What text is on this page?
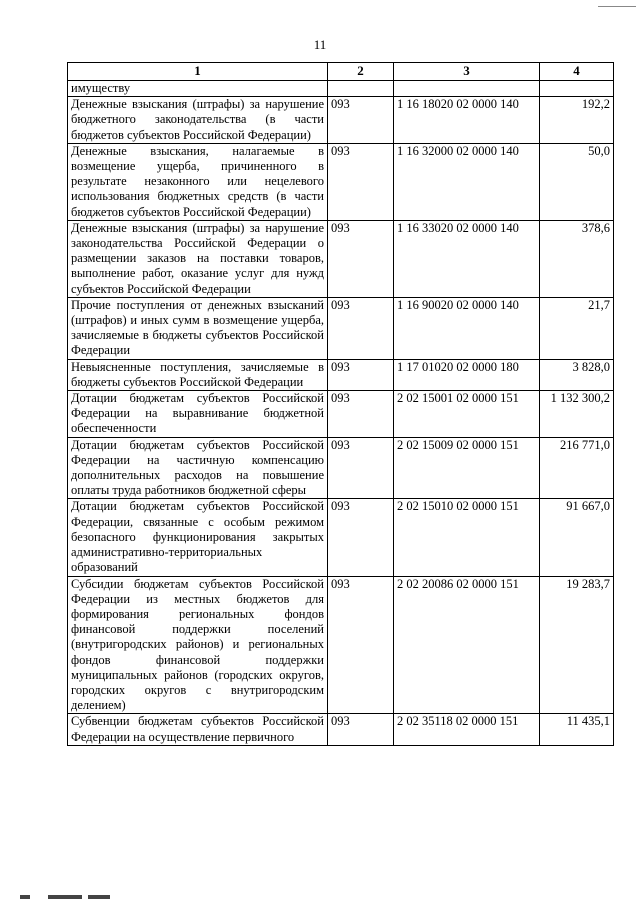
11
1	2	3	4
имуществу			
Денежные взыскания (штрафы) за нарушение бюджетного законодательства (в части бюджетов субъектов Российской Федерации)	093	1 16 18020 02 0000 140	192,2
Денежные взыскания, налагаемые в возмещение ущерба, причиненного в результате незаконного или нецелевого использования бюджетных средств (в части бюджетов субъектов Российской Федерации)	093	1 16 32000 02 0000 140	50,0
Денежные взыскания (штрафы) за нарушение законодательства Российской Федерации о размещении заказов на поставки товаров, выполнение работ, оказание услуг для нужд субъектов Российской Федерации	093	1 16 33020 02 0000 140	378,6
Прочие поступления от денежных взысканий (штрафов) и иных сумм в возмещение ущерба, зачисляемые в бюджеты субъектов Российской Федерации	093	1 16 90020 02 0000 140	21,7
Невыясненные поступления, зачисляемые в бюджеты субъектов Российской Федерации	093	1 17 01020 02 0000 180	3 828,0
Дотации бюджетам субъектов Российской Федерации на выравнивание бюджетной обеспеченности	093	2 02 15001 02 0000 151	1 132 300,2
Дотации бюджетам субъектов Российской Федерации на частичную компенсацию дополнительных расходов на повышение оплаты труда работников бюджетной сферы	093	2 02 15009 02 0000 151	216 771,0
Дотации бюджетам субъектов Российской Федерации, связанные с особым режимом безопасного функционирования закрытых административно-территориальных образований	093	2 02 15010 02 0000 151	91 667,0
Субсидии бюджетам субъектов Российской Федерации из местных бюджетов для формирования региональных фондов финансовой поддержки поселений (внутригородских районов) и региональных фондов финансовой поддержки муниципальных районов (городских округов, городских округов с внутригородским делением)	093	2 02 20086 02 0000 151	19 283,7
Субвенции бюджетам субъектов Российской Федерации на осуществление первичного	093	2 02 35118 02 0000 151	11 435,1
